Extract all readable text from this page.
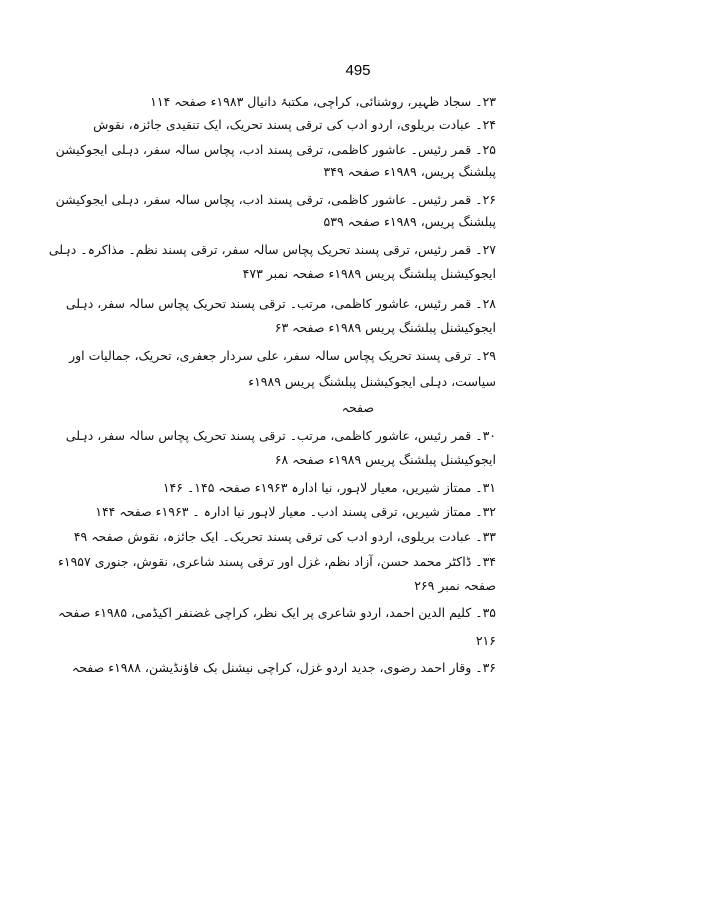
495
۲۳۔ سجاد ظہیر، روشنائی، کراچی، مکتبۂ دانیال ۱۹۸۳ء صفحہ ۱۱۴
۲۴۔ عبادت بریلوی، اردو ادب کی ترقی پسند تحریک، ایک تنقیدی جائزہ، نقوش
۲۵۔ قمر رئیس۔ عاشور کاظمی، ترقی پسند ادب، پچاس سالہ سفر، دہلی ایجوکیشن
پبلشنگ پریس، ۱۹۸۹ء صفحہ ۳۴۹
۲۶۔ قمر رئیس۔ عاشور کاظمی، ترقی پسند ادب، پچاس سالہ سفر، دہلی ایجوکیشن
پبلشنگ پریس، ۱۹۸۹ء صفحہ ۵۳۹
۲۷۔ قمر رئیس، ترقی پسند تحریک پچاس سالہ سفر، ترقی پسند نظم۔ مذاکرہ۔ دہلی
ایجوکیشنل پبلشنگ پریس ۱۹۸۹ء صفحہ نمبر ۴۷۳
۲۸۔ قمر رئیس، عاشور کاظمی، مرتب۔ ترقی پسند تحریک پچاس سالہ سفر، دہلی
ایجوکیشنل پبلشنگ پریس ۱۹۸۹ء صفحہ ۶۳
۲۹۔ ترقی پسند تحریک پچاس سالہ سفر، علی سردار جعفری، تحریک، جمالیات اور
سیاست، دہلی ایجوکیشنل پبلشنگ پریس ۱۹۸۹ء
صفحہ
۳۰۔ قمر رئیس، عاشور کاظمی، مرتب۔ ترقی پسند تحریک پچاس سالہ سفر، دہلی
ایجوکیشنل پبلشنگ پریس ۱۹۸۹ء صفحہ ۶۸
۳۱۔ ممتاز شیریں، معیار لاہور، نیا ادارہ ۱۹۶۳ء صفحہ ۱۴۵۔ ۱۴۶
۳۲۔ ممتاز شیریں، ترقی پسند ادب۔ معیار لاہور نیا ادارہ ۔ ۱۹۶۳ء صفحہ ۱۴۴
۳۳۔ عبادت بریلوی، اردو ادب کی ترقی پسند تحریک۔ ایک جائزہ، نقوش صفحہ ۴۹
۳۴۔ ڈاکٹر محمد حسن، آزاد نظم، غزل اور ترقی پسند شاعری، نقوش، جنوری ۱۹۵۷ء
صفحہ نمبر ۲۶۹
۳۵۔ کلیم الدین احمد، اردو شاعری پر ایک نظر، کراچی غضنفر اکیڈمی، ۱۹۸۵ء صفحہ
۲۱۶
۳۶۔ وقار احمد رضوی، جدید اردو غزل، کراچی نیشنل بک فاؤنڈیشن، ۱۹۸۸ء صفحہ
